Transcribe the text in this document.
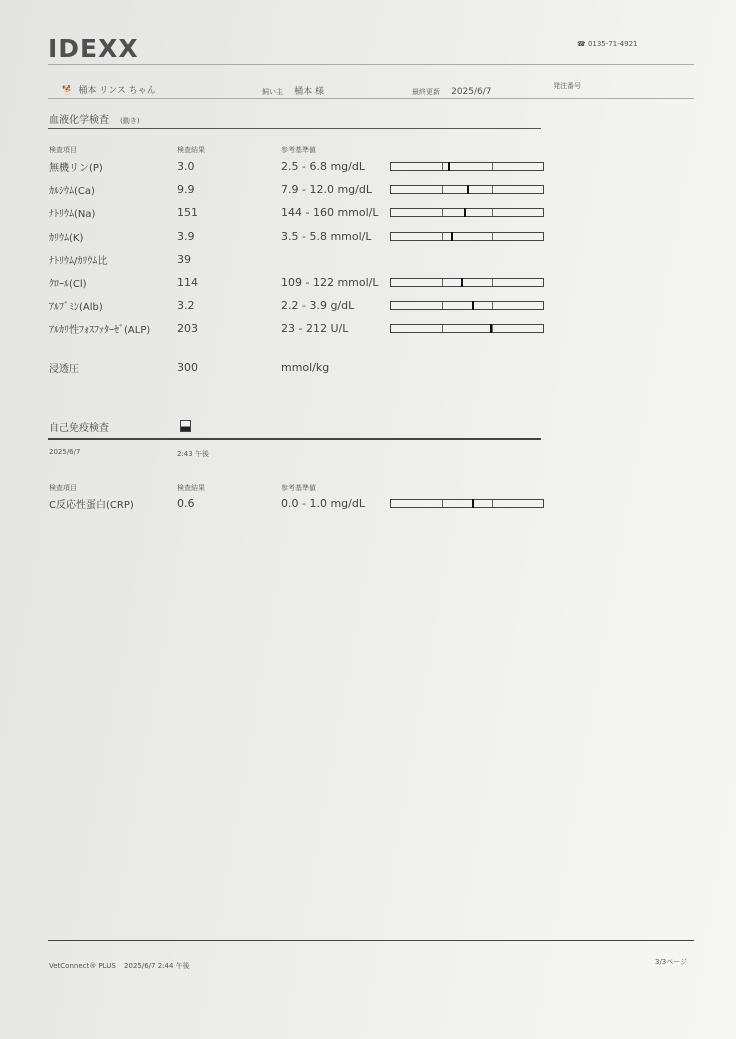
IDEXX	☎ 0135-71-4921
🐕 桶本 リンス ちゃん	飼い主 桶本 様	最終更新 2025/6/7
発注番号
血液化学検査 (動き)
検査項目	検査結果	参考基準値
無機リン(P)	3.0	2.5 - 6.8 mg/dL
ｶﾙｼｳﾑ(Ca)	9.9	7.9 - 12.0 mg/dL
ﾅﾄﾘｳﾑ(Na)	151	144 - 160 mmol/L
ｶﾘｳﾑ(K)	3.9	3.5 - 5.8 mmol/L
ﾅﾄﾘｳﾑ/ｶﾘｳﾑ比	39
ｸﾛｰﾙ(Cl)	114	109 - 122 mmol/L
ｱﾙﾌﾞﾐﾝ(Alb)	3.2	2.2 - 3.9 g/dL
ｱﾙｶﾘ性ﾌｫｽﾌｧﾀｰｾﾞ(ALP)	203	23 - 212 U/L
浸透圧	300	mmol/kg
自己免疫検査
2025/6/7	2:43 午後
検査項目	検査結果	参考基準値
C反応性蛋白(CRP)	0.6	0.0 - 1.0 mg/dL
VetConnect® PLUS 2025/6/7 2:44 午後	3/3ページ
